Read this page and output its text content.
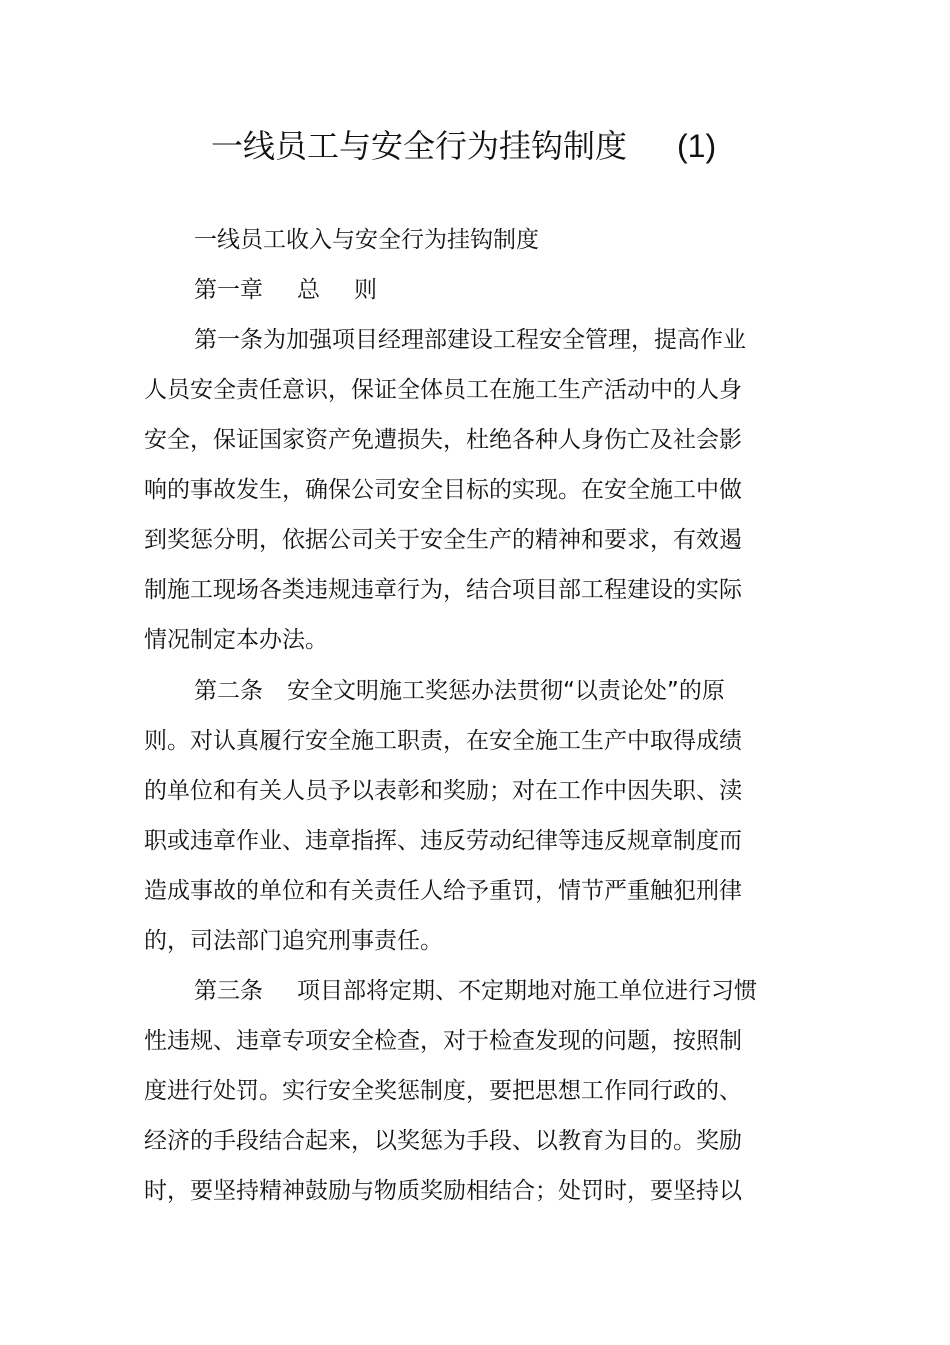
一线员工与安全行为挂钩制度 (1)
一线员工收入与安全行为挂钩制度
第一章 总 则
第一条为加强项目经理部建设工程安全管理，提高作业
人员安全责任意识，保证全体员工在施工生产活动中的人身
安全，保证国家资产免遭损失，杜绝各种人身伤亡及社会影
响的事故发生，确保公司安全目标的实现。在安全施工中做
到奖惩分明，依据公司关于安全生产的精神和要求，有效遏
制施工现场各类违规违章行为，结合项目部工程建设的实际
情况制定本办法。
第二条 安全文明施工奖惩办法贯彻“以责论处”的原
则。对认真履行安全施工职责，在安全施工生产中取得成绩
的单位和有关人员予以表彰和奖励；对在工作中因失职、渎
职或违章作业、违章指挥、违反劳动纪律等违反规章制度而
造成事故的单位和有关责任人给予重罚，情节严重触犯刑律
的，司法部门追究刑事责任。
第三条 项目部将定期、不定期地对施工单位进行习惯
性违规、违章专项安全检查，对于检查发现的问题，按照制
度进行处罚。实行安全奖惩制度，要把思想工作同行政的、
经济的手段结合起来，以奖惩为手段、以教育为目的。奖励
时，要坚持精神鼓励与物质奖励相结合；处罚时，要坚持以
